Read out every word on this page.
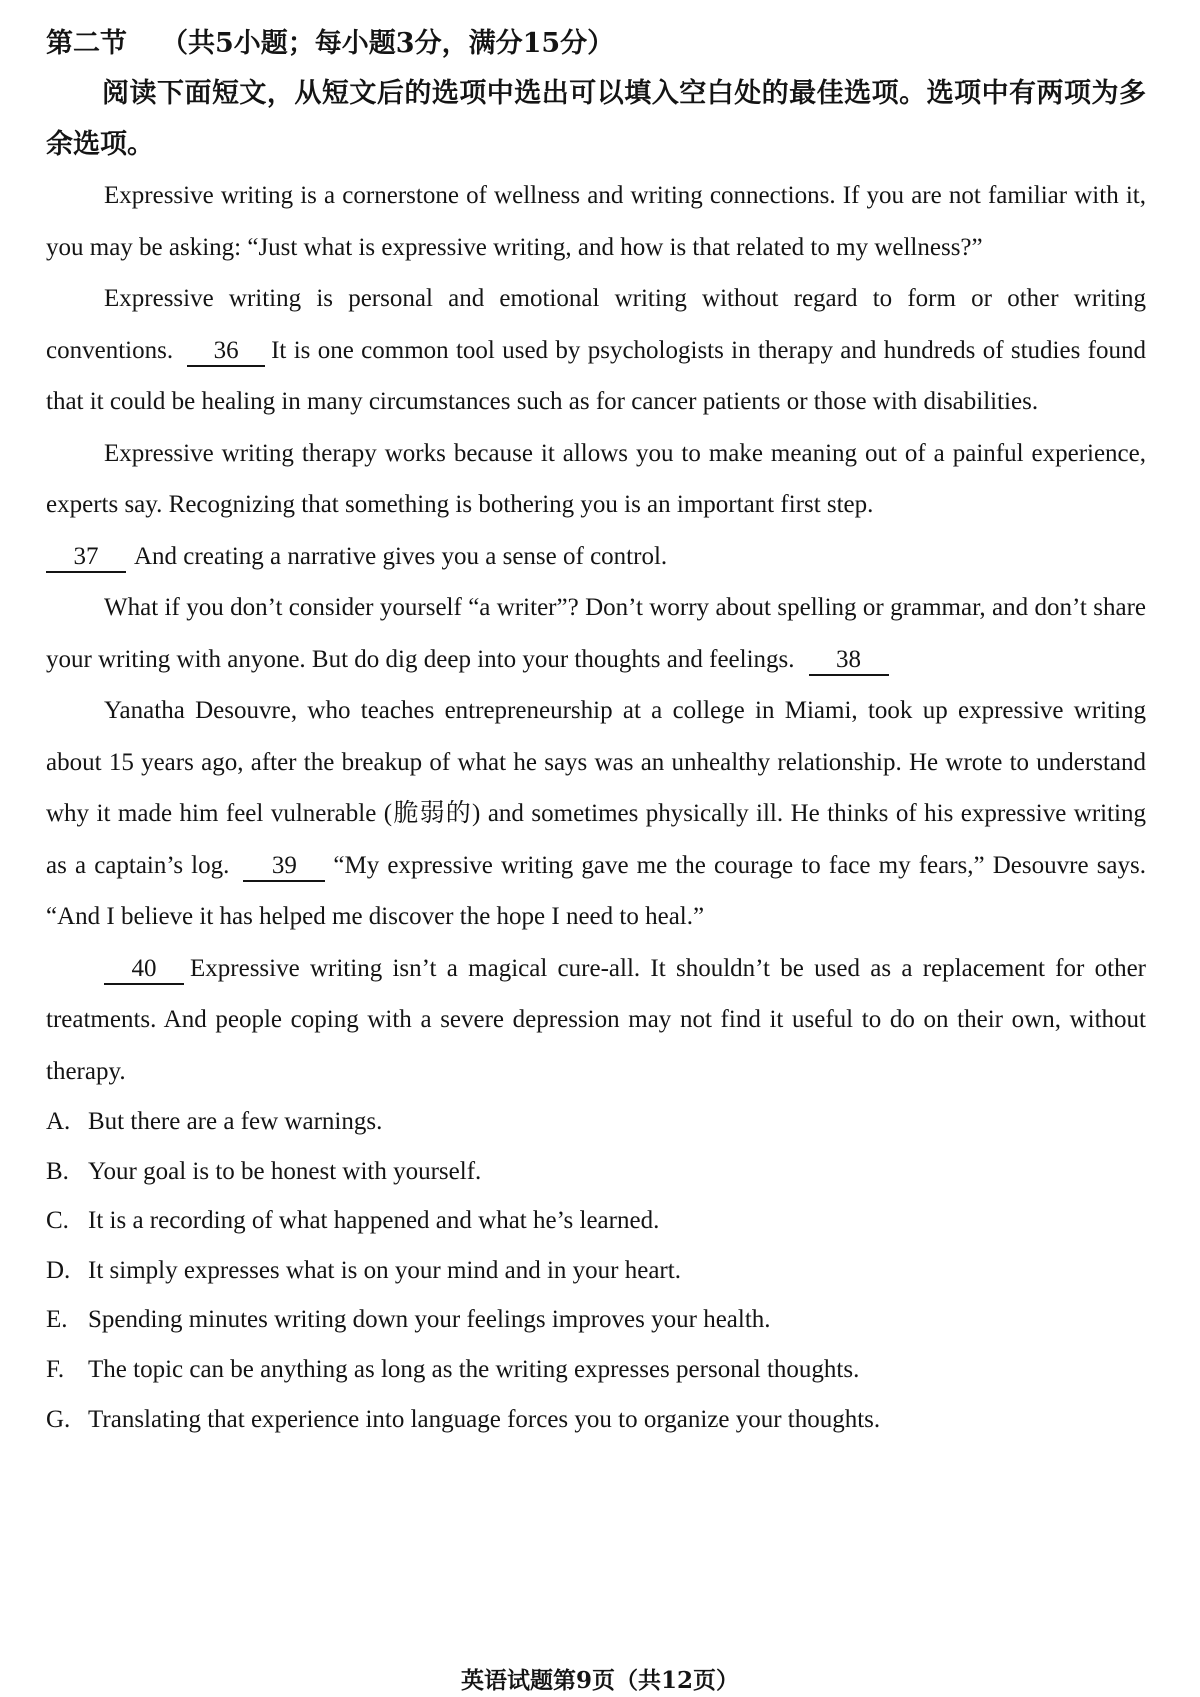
第二节 （共5小题；每小题3分，满分15分）

阅读下面短文，从短文后的选项中选出可以填入空白处的最佳选项。选项中有两项为多余选项。

Expressive writing is a cornerstone of wellness and writing connections. If you are not familiar with it, you may be asking: “Just what is expressive writing, and how is that related to my wellness?”

Expressive writing is personal and emotional writing without regard to form or other writing conventions. 36 It is one common tool used by psychologists in therapy and hundreds of studies found that it could be healing in many circumstances such as for cancer patients or those with disabilities.

Expressive writing therapy works because it allows you to make meaning out of a painful experience, experts say. Recognizing that something is bothering you is an important first step.
37 And creating a narrative gives you a sense of control.

What if you don’t consider yourself “a writer”? Don’t worry about spelling or grammar, and don’t share your writing with anyone. But do dig deep into your thoughts and feelings. 38

Yanatha Desouvre, who teaches entrepreneurship at a college in Miami, took up expressive writing about 15 years ago, after the breakup of what he says was an unhealthy relationship. He wrote to understand why it made him feel vulnerable (脆弱的) and sometimes physically ill. He thinks of his expressive writing as a captain’s log. 39 “My expressive writing gave me the courage to face my fears,” Desouvre says. “And I believe it has helped me discover the hope I need to heal.”

40 Expressive writing isn’t a magical cure-all. It shouldn’t be used as a replacement for other treatments. And people coping with a severe depression may not find it useful to do on their own, without therapy.

A. But there are a few warnings.
B. Your goal is to be honest with yourself.
C. It is a recording of what happened and what he’s learned.
D. It simply expresses what is on your mind and in your heart.
E. Spending minutes writing down your feelings improves your health.
F. The topic can be anything as long as the writing expresses personal thoughts.
G. Translating that experience into language forces you to organize your thoughts.
英语试题第9页（共12页）
